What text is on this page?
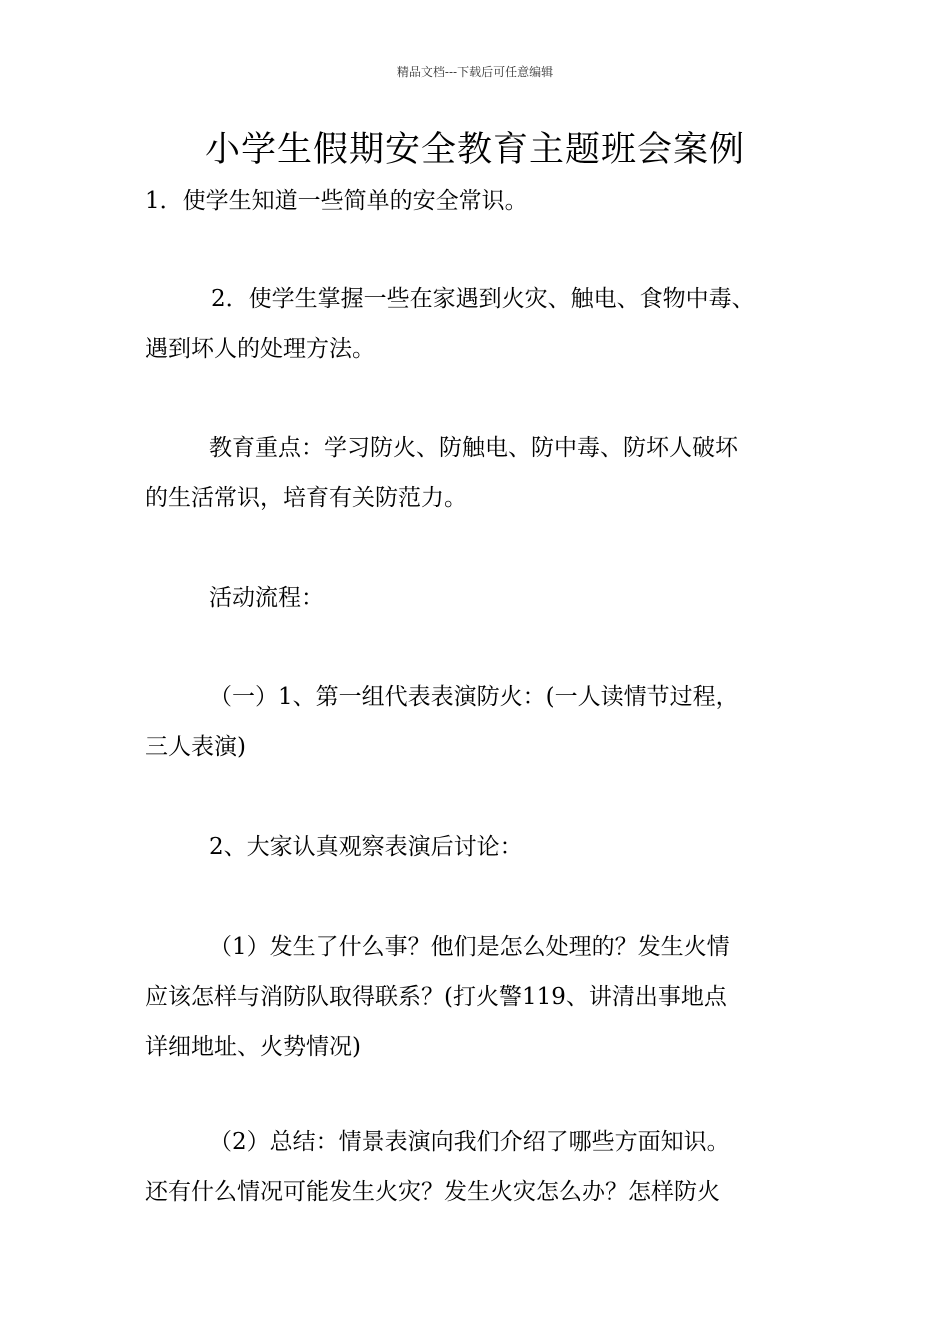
精品文档---下载后可任意编辑
小学生假期安全教育主题班会案例

1．使学生知道一些简单的安全常识。

2．使学生掌握一些在家遇到火灾、触电、食物中毒、
遇到坏人的处理方法。

教育重点：学习防火、防触电、防中毒、防坏人破坏
的生活常识，培育有关防范力。

活动流程：

（一）1、第一组代表表演防火：(一人读情节过程，
三人表演)

2、大家认真观察表演后讨论：

（1）发生了什么事？他们是怎么处理的？发生火情
应该怎样与消防队取得联系？(打火警119、讲清出事地点
详细地址、火势情况)

（2）总结：情景表演向我们介绍了哪些方面知识。
还有什么情况可能发生火灾？发生火灾怎么办？怎样防火
